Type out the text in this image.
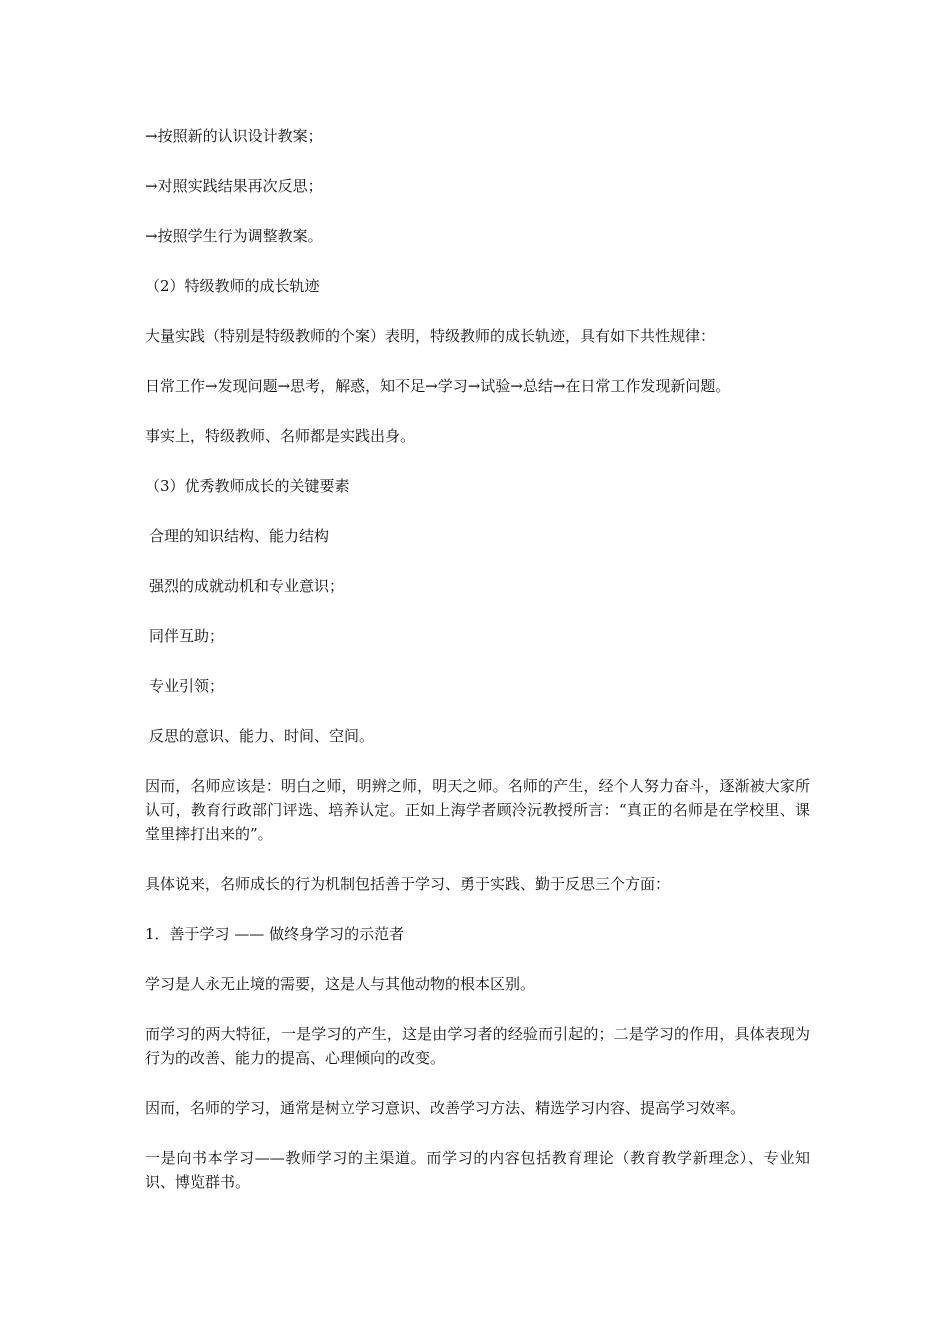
→按照新的认识设计教案；

→对照实践结果再次反思；

→按照学生行为调整教案。

（2）特级教师的成长轨迹

大量实践（特别是特级教师的个案）表明，特级教师的成长轨迹，具有如下共性规律：

日常工作→发现问题→思考，解惑，知不足→学习→试验→总结→在日常工作发现新问题。

事实上，特级教师、名师都是实践出身。

（3）优秀教师成长的关键要素

合理的知识结构、能力结构

强烈的成就动机和专业意识；

同伴互助；

专业引领；

反思的意识、能力、时间、空间。

因而，名师应该是：明白之师，明辨之师，明天之师。名师的产生，经个人努力奋斗，逐渐被大家所认可，教育行政部门评选、培养认定。正如上海学者顾泠沅教授所言：“真正的名师是在学校里、课堂里摔打出来的”。

具体说来，名师成长的行为机制包括善于学习、勇于实践、勤于反思三个方面：

1．善于学习 —— 做终身学习的示范者

学习是人永无止境的需要，这是人与其他动物的根本区别。

而学习的两大特征，一是学习的产生，这是由学习者的经验而引起的；二是学习的作用，具体表现为行为的改善、能力的提高、心理倾向的改变。

因而，名师的学习，通常是树立学习意识、改善学习方法、精选学习内容、提高学习效率。

一是向书本学习——教师学习的主渠道。而学习的内容包括教育理论（教育教学新理念）、专业知识、博览群书。
